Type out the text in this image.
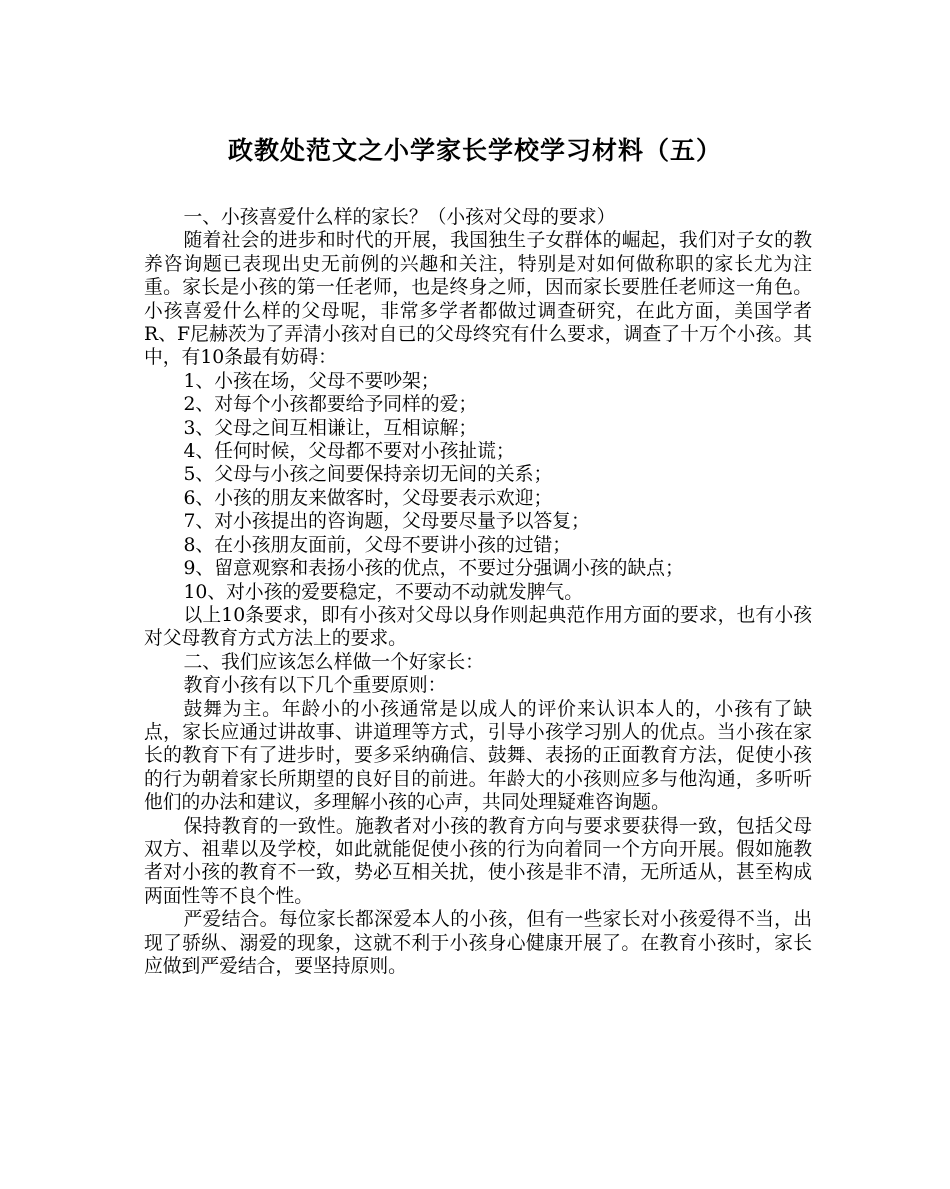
政教处范文之小学家长学校学习材料（五）

一、小孩喜爱什么样的家长？（小孩对父母的要求）

随着社会的进步和时代的开展，我国独生子女群体的崛起，我们对子女的教养咨询题已表现出史无前例的兴趣和关注，特别是对如何做称职的家长尤为注重。家长是小孩的第一任老师，也是终身之师，因而家长要胜任老师这一角色。小孩喜爱什么样的父母呢，非常多学者都做过调查研究，在此方面，美国学者R、F尼赫茨为了弄清小孩对自已的父母终究有什么要求，调查了十万个小孩。其中，有10条最有妨碍：

1、小孩在场，父母不要吵架；

2、对每个小孩都要给予同样的爱；

3、父母之间互相谦让，互相谅解；

4、任何时候，父母都不要对小孩扯谎；

5、父母与小孩之间要保持亲切无间的关系；

6、小孩的朋友来做客时，父母要表示欢迎；

7、对小孩提出的咨询题，父母要尽量予以答复；

8、在小孩朋友面前，父母不要讲小孩的过错；

9、留意观察和表扬小孩的优点，不要过分强调小孩的缺点；

10、对小孩的爱要稳定，不要动不动就发脾气。

以上10条要求，即有小孩对父母以身作则起典范作用方面的要求，也有小孩对父母教育方式方法上的要求。

二、我们应该怎么样做一个好家长：

教育小孩有以下几个重要原则：

鼓舞为主。年龄小的小孩通常是以成人的评价来认识本人的，小孩有了缺点，家长应通过讲故事、讲道理等方式，引导小孩学习别人的优点。当小孩在家长的教育下有了进步时，要多采纳确信、鼓舞、表扬的正面教育方法，促使小孩的行为朝着家长所期望的良好目的前进。年龄大的小孩则应多与他沟通，多听听他们的办法和建议，多理解小孩的心声，共同处理疑难咨询题。

保持教育的一致性。施教者对小孩的教育方向与要求要获得一致，包括父母双方、祖辈以及学校，如此就能促使小孩的行为向着同一个方向开展。假如施教者对小孩的教育不一致，势必互相关扰，使小孩是非不清，无所适从，甚至构成两面性等不良个性。

严爱结合。每位家长都深爱本人的小孩，但有一些家长对小孩爱得不当，出现了骄纵、溺爱的现象，这就不利于小孩身心健康开展了。在教育小孩时，家长应做到严爱结合，要坚持原则。
